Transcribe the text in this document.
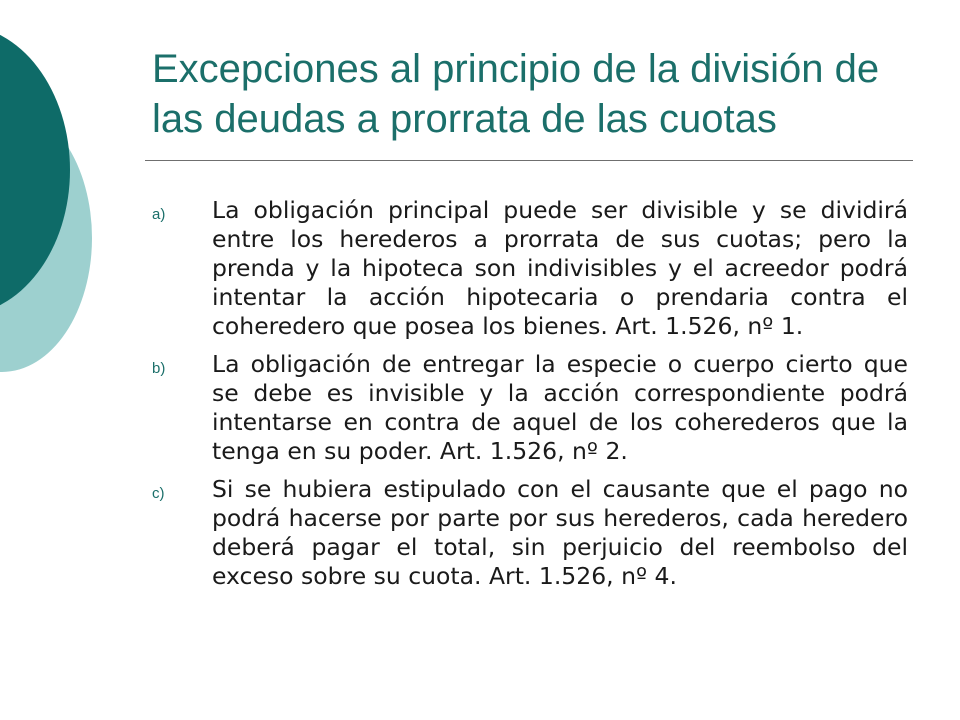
Excepciones al principio de la división de las deudas a prorrata de las cuotas
a)	La obligación principal puede ser divisible y se dividirá entre los herederos a prorrata de sus cuotas; pero la prenda y la hipoteca son indivisibles y el acreedor podrá intentar la acción hipotecaria o prendaria contra el coheredero que posea los bienes. Art. 1.526, nº 1.

b)	La obligación de entregar la especie o cuerpo cierto que se debe es invisible y la acción correspondiente podrá intentarse en contra de aquel de los coherederos que la tenga en su poder. Art. 1.526, nº 2.

c)	Si se hubiera estipulado con el causante que el pago no podrá hacerse por parte por sus herederos, cada heredero deberá pagar el total, sin perjuicio del reembolso del exceso sobre su cuota. Art. 1.526, nº 4.
